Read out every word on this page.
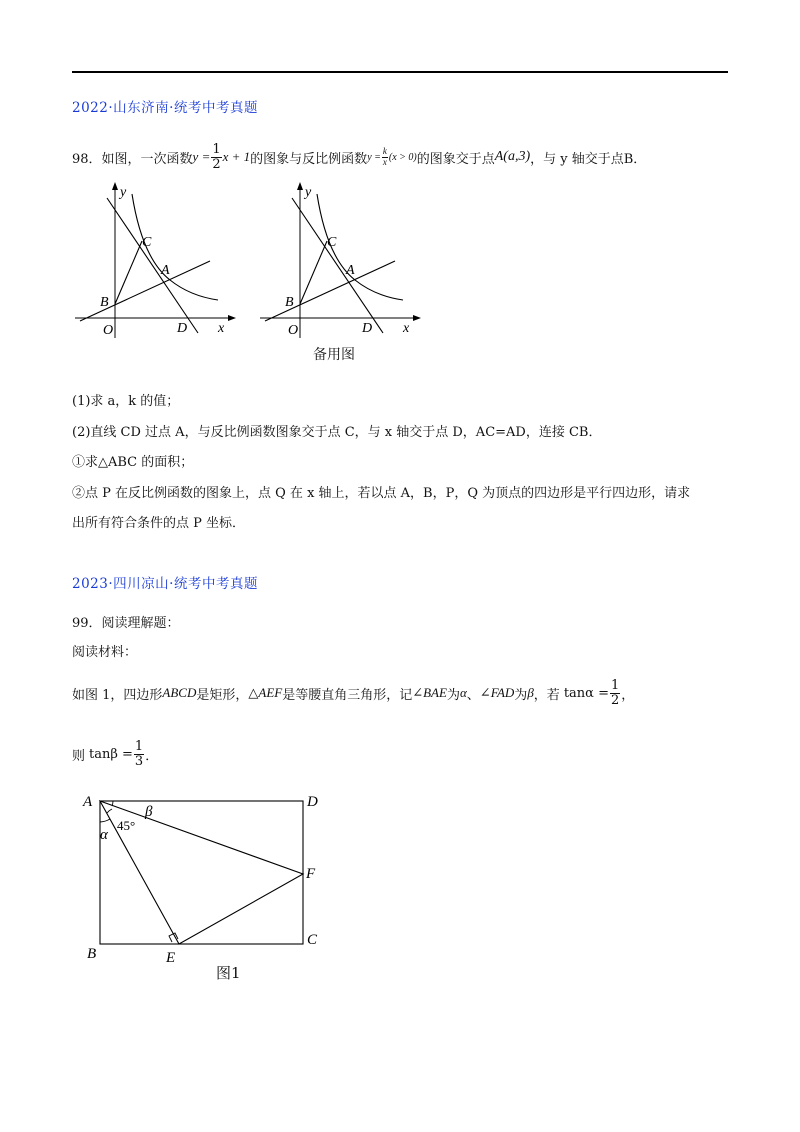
2022·山东济南·统考中考真题
98．如图，一次函数 $y = \frac{1}{2}$ x + 1 的图象与反比例函数 $y = \frac{k}{x} (x > 0)$ 的图象交于点 A(a,3) ，与 y 轴交于点B．
y
x
O
B
C
A
D
y
x
O
B
C
A
D
备用图
(1)求 a，k 的值；
(2)直线 CD 过点 A，与反比例函数图象交于点 C，与 x 轴交于点 D，AC=AD，连接 CB．
①求△ABC 的面积；
②点 P 在反比例函数的图象上，点 Q 在 x 轴上，若以点 A，B，P，Q 为顶点的四边形是平行四边形，请求
出所有符合条件的点 P 坐标．
2023·四川凉山·统考中考真题
99．阅读理解题：
阅读材料：
如图 1，四边形 ABCD 是矩形， △AEF 是等腰直角三角形，记 ∠BAE 为 α 、 ∠FAD 为 β ，若 $\tan\alpha = \frac{1}{2}$ ，
则 $\tan\beta = \frac{1}{3}$ ．
A	D
B
C
E
F
45°
α
β
图1
